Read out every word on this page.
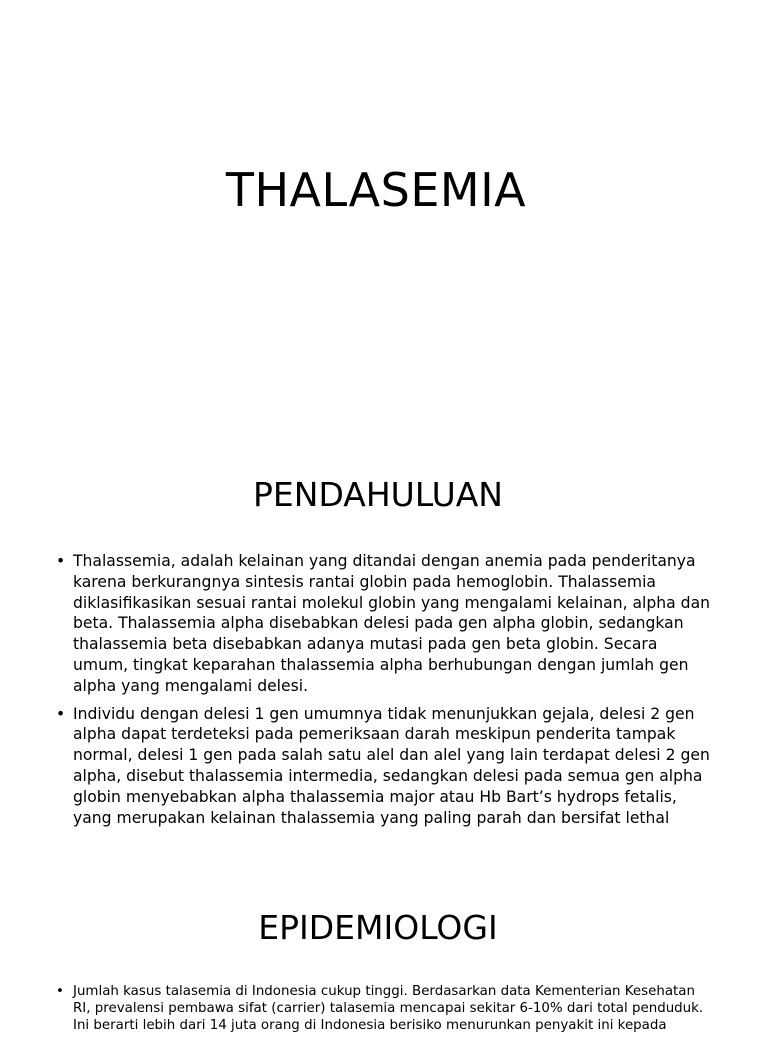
THALASEMIA
PENDAHULUAN
• Thalassemia, adalah kelainan yang ditandai dengan anemia pada penderitanya karena berkurangnya sintesis rantai globin pada hemoglobin. Thalassemia diklasifikasikan sesuai rantai molekul globin yang mengalami kelainan, alpha dan beta. Thalassemia alpha disebabkan delesi pada gen alpha globin, sedangkan thalassemia beta disebabkan adanya mutasi pada gen beta globin. Secara umum, tingkat keparahan thalassemia alpha berhubungan dengan jumlah gen alpha yang mengalami delesi.
• Individu dengan delesi 1 gen umumnya tidak menunjukkan gejala, delesi 2 gen alpha dapat terdeteksi pada pemeriksaan darah meskipun penderita tampak normal, delesi 1 gen pada salah satu alel dan alel yang lain terdapat delesi 2 gen alpha, disebut thalassemia intermedia, sedangkan delesi pada semua gen alpha globin menyebabkan alpha thalassemia major atau Hb Bart’s hydrops fetalis, yang merupakan kelainan thalassemia yang paling parah dan bersifat lethal
EPIDEMIOLOGI
• Jumlah kasus talasemia di Indonesia cukup tinggi. Berdasarkan data Kementerian Kesehatan RI, prevalensi pembawa sifat (carrier) talasemia mencapai sekitar 6-10% dari total penduduk. Ini berarti lebih dari 14 juta orang di Indonesia berisiko menurunkan penyakit ini kepada
